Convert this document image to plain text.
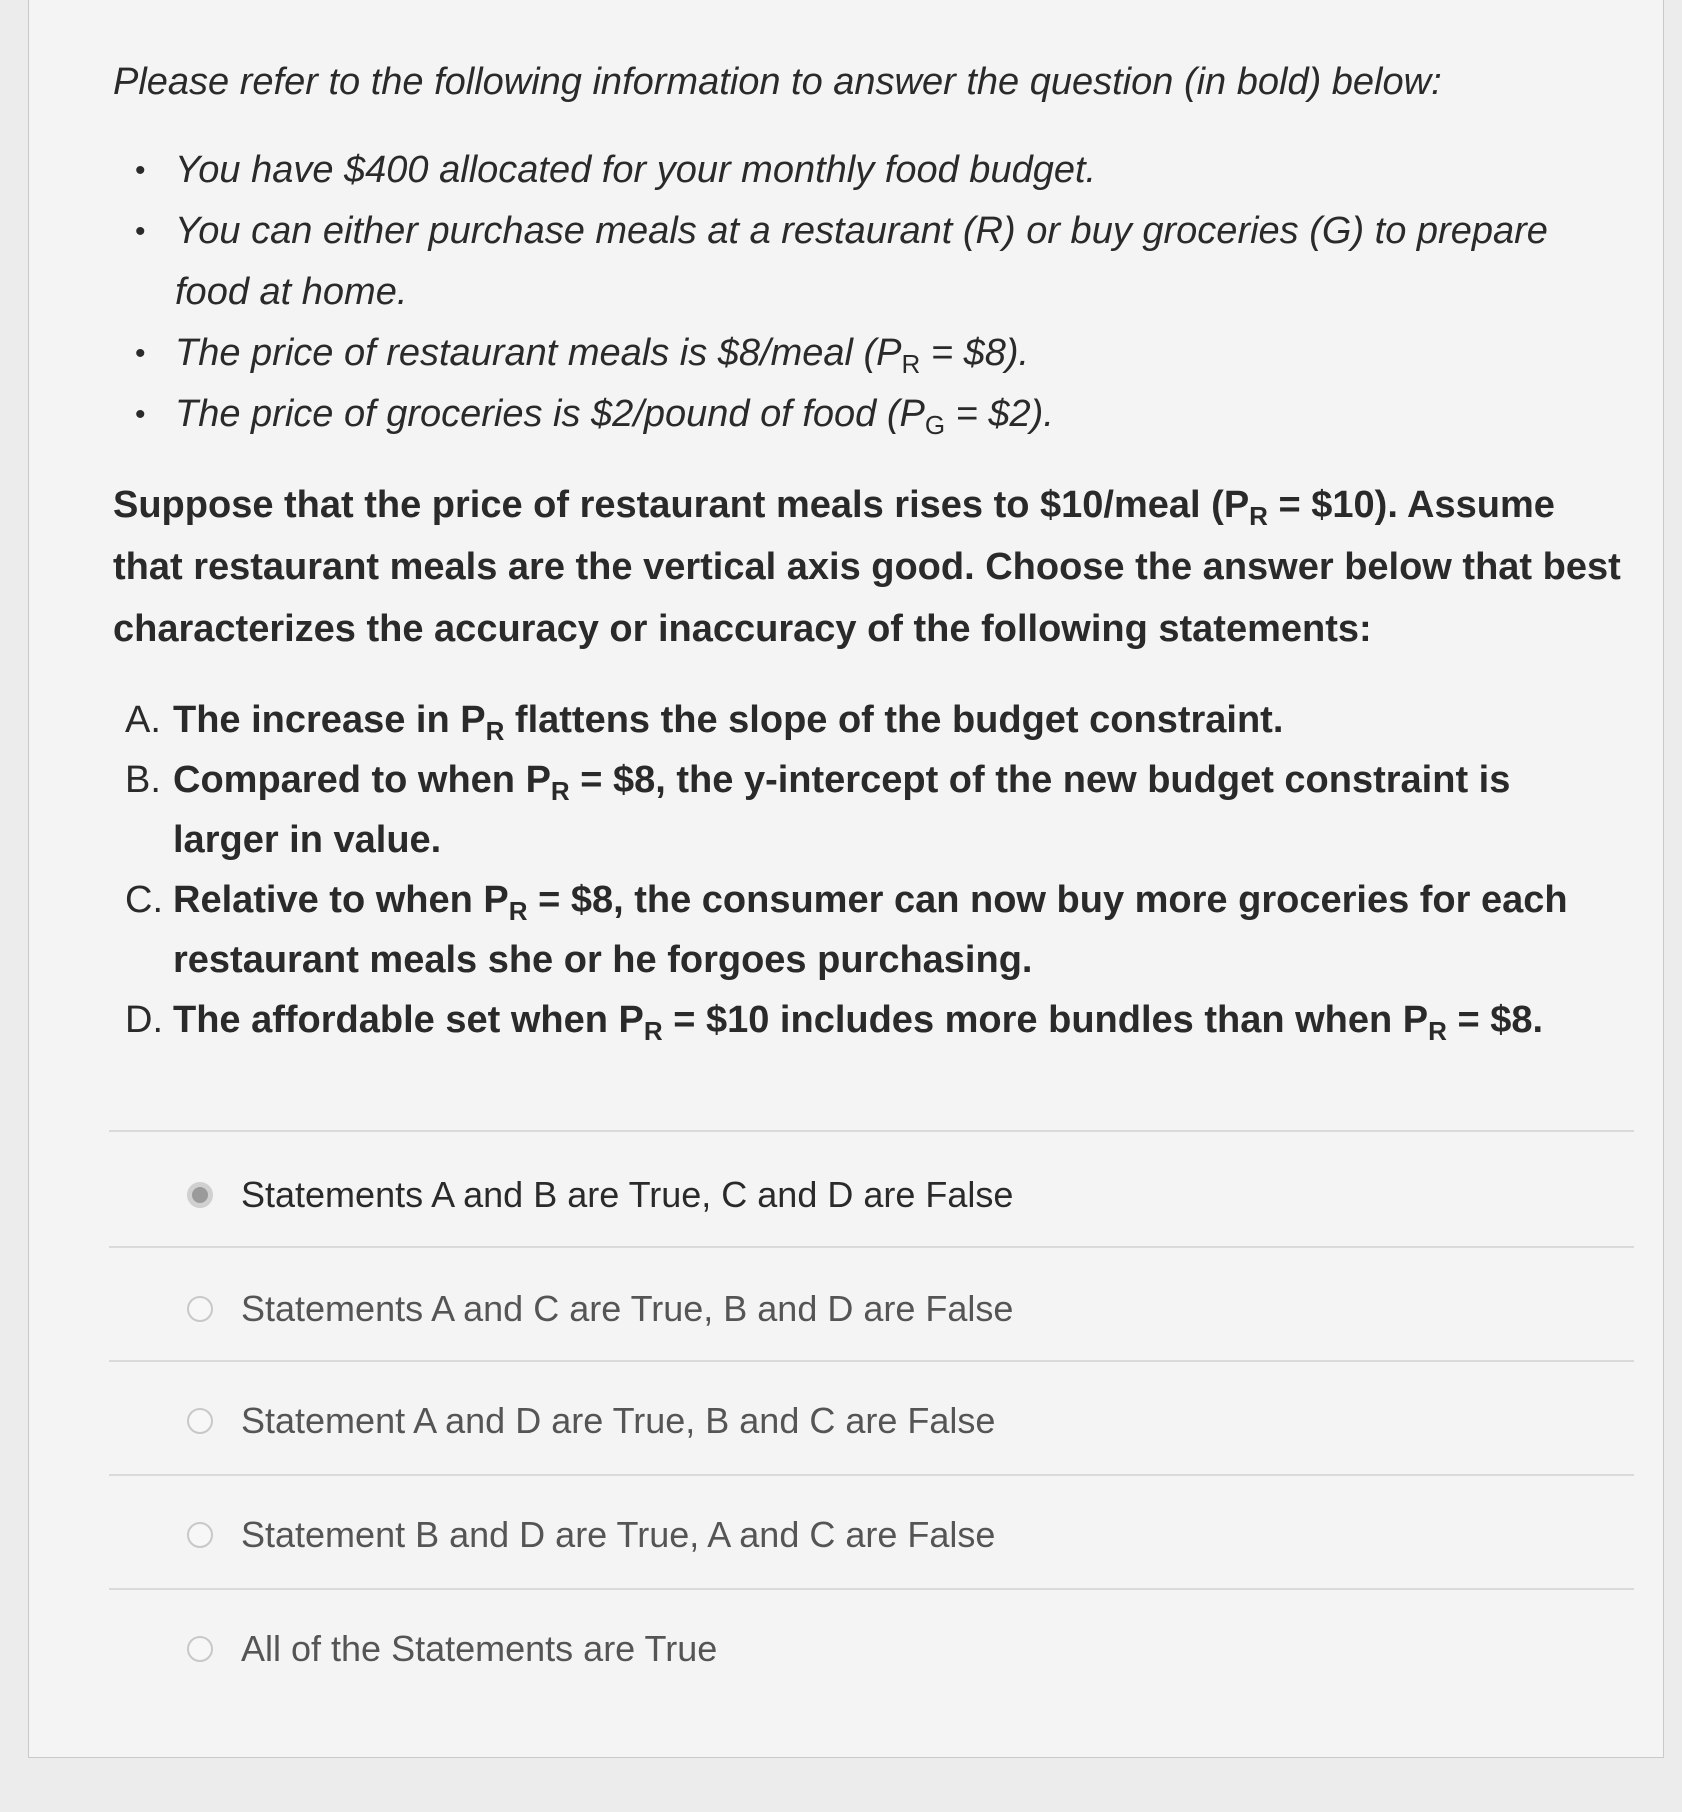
Please refer to the following information to answer the question (in bold) below:
• You have $400 allocated for your monthly food budget.
• You can either purchase meals at a restaurant (R) or buy groceries (G) to prepare food at home.
• The price of restaurant meals is $8/meal ($P_R$ = $8).
• The price of groceries is $2/pound of food ($P_G$ = $2).
Suppose that the price of restaurant meals rises to $10/meal ($P_R$ = $10). Assume that restaurant meals are the vertical axis good. Choose the answer below that best characterizes the accuracy or inaccuracy of the following statements:
A. The increase in $P_R$ flattens the slope of the budget constraint.
B. Compared to when $P_R$ = $8, the y-intercept of the new budget constraint is larger in value.
C. Relative to when $P_R$ = $8, the consumer can now buy more groceries for each restaurant meals she or he forgoes purchasing.
D. The affordable set when $P_R$ = $10 includes more bundles than when $P_R$ = $8.
Statements A and B are True, C and D are False
Statements A and C are True, B and D are False
Statement A and D are True, B and C are False
Statement B and D are True, A and C are False
All of the Statements are True
